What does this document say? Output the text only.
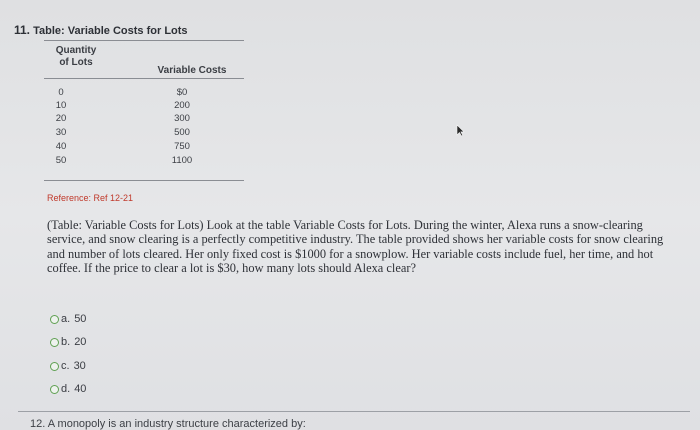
11. Table: Variable Costs for Lots
Quantity
of Lots
Variable Costs
0
10
20
30
40
50
$0
200
300
500
750
1100
Reference: Ref 12-21
(Table: Variable Costs for Lots) Look at the table Variable Costs for Lots. During the winter, Alexa runs a snow-clearing service, and snow clearing is a perfectly competitive industry. The table provided shows her variable costs for snow clearing and number of lots cleared. Her only fixed cost is $1000 for a snowplow. Her variable costs include fuel, her time, and hot coffee. If the price to clear a lot is $30, how many lots should Alexa clear?
a. 50
b. 20
c. 30
d. 40
12. A monopoly is an industry structure characterized by:
